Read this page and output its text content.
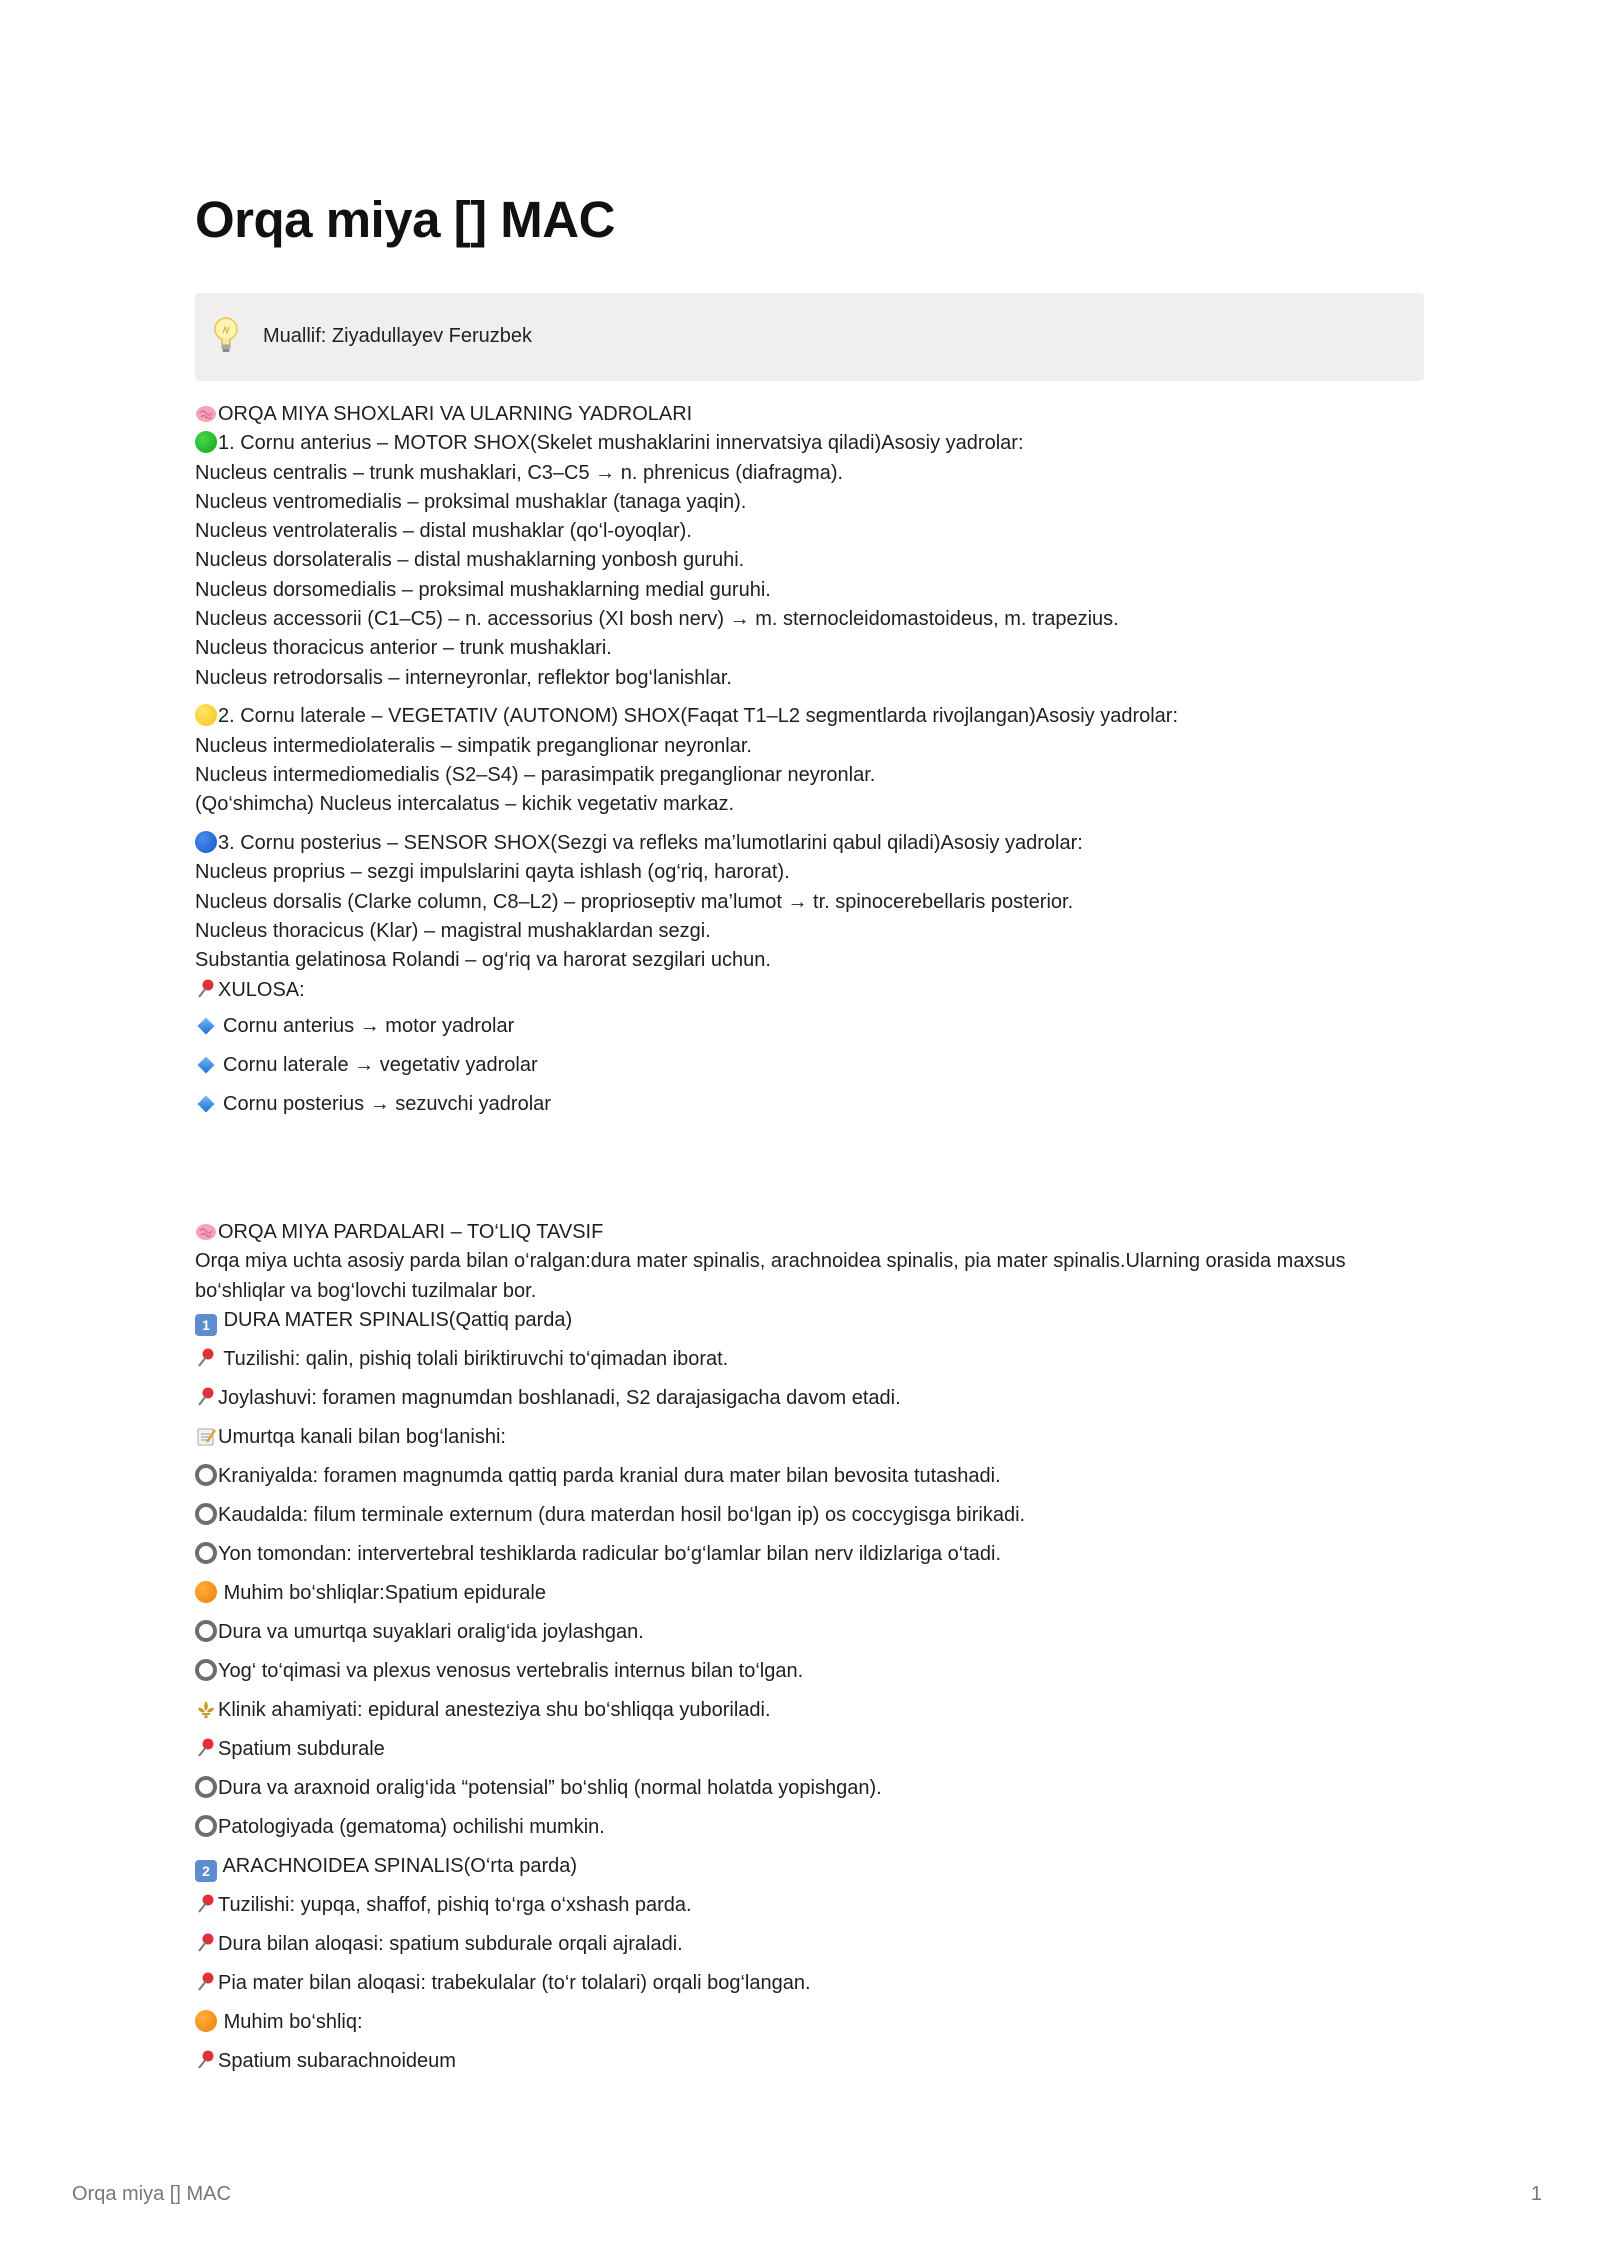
Orqa miya [] MAC
Muallif: Ziyadullayev Feruzbek
ORQA MIYA SHOXLARI VA ULARNING YADROLARI
1. Cornu anterius – MOTOR SHOX(Skelet mushaklarini innervatsiya qiladi)Asosiy yadrolar:
Nucleus centralis – trunk mushaklari, C3–C5 → n. phrenicus (diafragma).
Nucleus ventromedialis – proksimal mushaklar (tanaga yaqin).
Nucleus ventrolateralis – distal mushaklar (qo‘l-oyoqlar).
Nucleus dorsolateralis – distal mushaklarning yonbosh guruhi.
Nucleus dorsomedialis – proksimal mushaklarning medial guruhi.
Nucleus accessorii (C1–C5) – n. accessorius (XI bosh nerv) → m. sternocleidomastoideus, m. trapezius.
Nucleus thoracicus anterior – trunk mushaklari.
Nucleus retrodorsalis – interneyronlar, reflektor bog‘lanishlar.
2. Cornu laterale – VEGETATIV (AUTONOM) SHOX(Faqat T1–L2 segmentlarda rivojlangan)Asosiy yadrolar:
Nucleus intermediolateralis – simpatik preganglionar neyronlar.
Nucleus intermediomedialis (S2–S4) – parasimpatik preganglionar neyronlar.
(Qo‘shimcha) Nucleus intercalatus – kichik vegetativ markaz.
3. Cornu posterius – SENSOR SHOX(Sezgi va refleks ma’lumotlarini qabul qiladi)Asosiy yadrolar:
Nucleus proprius – sezgi impulslarini qayta ishlash (og‘riq, harorat).
Nucleus dorsalis (Clarke column, C8–L2) – proprioseptiv ma’lumot → tr. spinocerebellaris posterior.
Nucleus thoracicus (Klar) – magistral mushaklardan sezgi.
Substantia gelatinosa Rolandi – og‘riq va harorat sezgilari uchun.
XULOSA:
Cornu anterius → motor yadrolar
Cornu laterale → vegetativ yadrolar
Cornu posterius → sezuvchi yadrolar
ORQA MIYA PARDALARI – TO‘LIQ TAVSIF
Orqa miya uchta asosiy parda bilan o‘ralgan:dura mater spinalis, arachnoidea spinalis, pia mater spinalis.Ularning orasida maxsus bo‘shliqlar va bog‘lovchi tuzilmalar bor.
1 DURA MATER SPINALIS(Qattiq parda)
Tuzilishi: qalin, pishiq tolali biriktiruvchi to‘qimadan iborat.
Joylashuvi: foramen magnumdan boshlanadi, S2 darajasigacha davom etadi.
Umurtqa kanali bilan bog‘lanishi:
Kraniyalda: foramen magnumda qattiq parda kranial dura mater bilan bevosita tutashadi.
Kaudalda: filum terminale externum (dura materdan hosil bo‘lgan ip) os coccygisga birikadi.
Yon tomondan: intervertebral teshiklarda radicular bo‘g‘lamlar bilan nerv ildizlariga o‘tadi.
Muhim bo‘shliqlar:Spatium epidurale
Dura va umurtqa suyaklari oralig‘ida joylashgan.
Yog‘ to‘qimasi va plexus venosus vertebralis internus bilan to‘lgan.
Klinik ahamiyati: epidural anesteziya shu bo‘shliqqa yuboriladi.
Spatium subdurale
Dura va araxnoid oralig‘ida “potensial” bo‘shliq (normal holatda yopishgan).
Patologiyada (gematoma) ochilishi mumkin.
2 ARACHNOIDEA SPINALIS(O‘rta parda)
Tuzilishi: yupqa, shaffof, pishiq to‘rga o‘xshash parda.
Dura bilan aloqasi: spatium subdurale orqali ajraladi.
Pia mater bilan aloqasi: trabekulalar (to‘r tolalari) orqali bog‘langan.
Muhim bo‘shliq:
Spatium subarachnoideum
Orqa miya [] MAC	1
